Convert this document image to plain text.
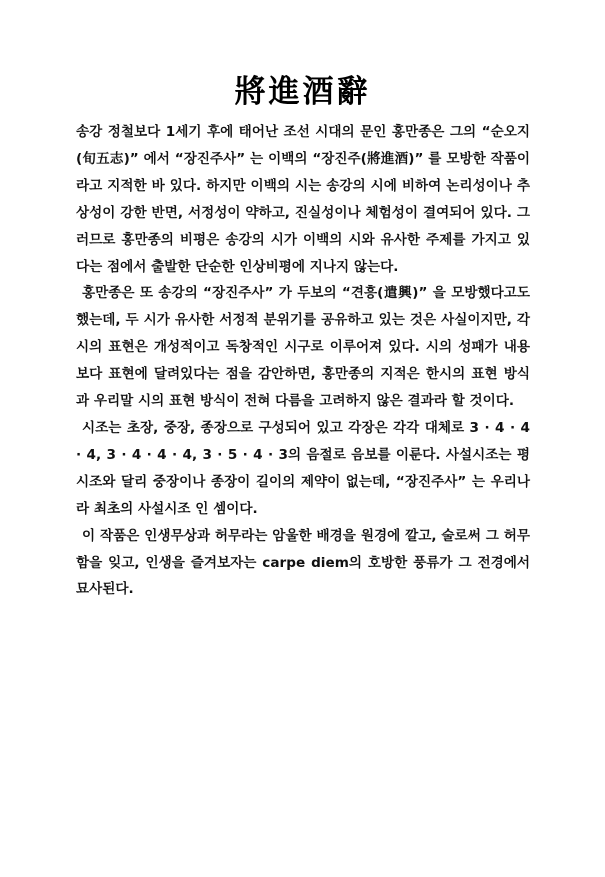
將進酒辭

송강 정철보다 1세기 후에 태어난 조선 시대의 문인 홍만종은 그의 “순오지(旬五志)” 에서 “장진주사” 는 이백의 “장진주(將進酒)” 를 모방한 작품이라고 지적한 바 있다. 하지만 이백의 시는 송강의 시에 비하여 논리성이나 추상성이 강한 반면, 서정성이 약하고, 진실성이나 체험성이 결여되어 있다. 그러므로 홍만종의 비평은 송강의 시가 이백의 시와 유사한 주제를 가지고 있다는 점에서 출발한 단순한 인상비평에 지나지 않는다.

홍만종은 또 송강의 “장진주사” 가 두보의 “견흥(遣興)” 을 모방했다고도 했는데, 두 시가 유사한 서정적 분위기를 공유하고 있는 것은 사실이지만, 각 시의 표현은 개성적이고 독창적인 시구로 이루어져 있다. 시의 성패가 내용보다 표현에 달려있다는 점을 감안하면, 홍만종의 지적은 한시의 표현 방식과 우리말 시의 표현 방식이 전혀 다름을 고려하지 않은 결과라 할 것이다.

시조는 초장, 중장, 종장으로 구성되어 있고 각장은 각각 대체로 3 · 4 · 4 · 4, 3 · 4 · 4 · 4, 3 · 5 · 4 · 3의 음절로 음보를 이룬다. 사설시조는 평시조와 달리 중장이나 종장이 길이의 제약이 없는데, “장진주사” 는 우리나라 최초의 사설시조 인 셈이다.

이 작품은 인생무상과 허무라는 암울한 배경을 원경에 깔고, 술로써 그 허무함을 잊고, 인생을 즐겨보자는 carpe diem의 호방한 풍류가 그 전경에서 묘사된다.
